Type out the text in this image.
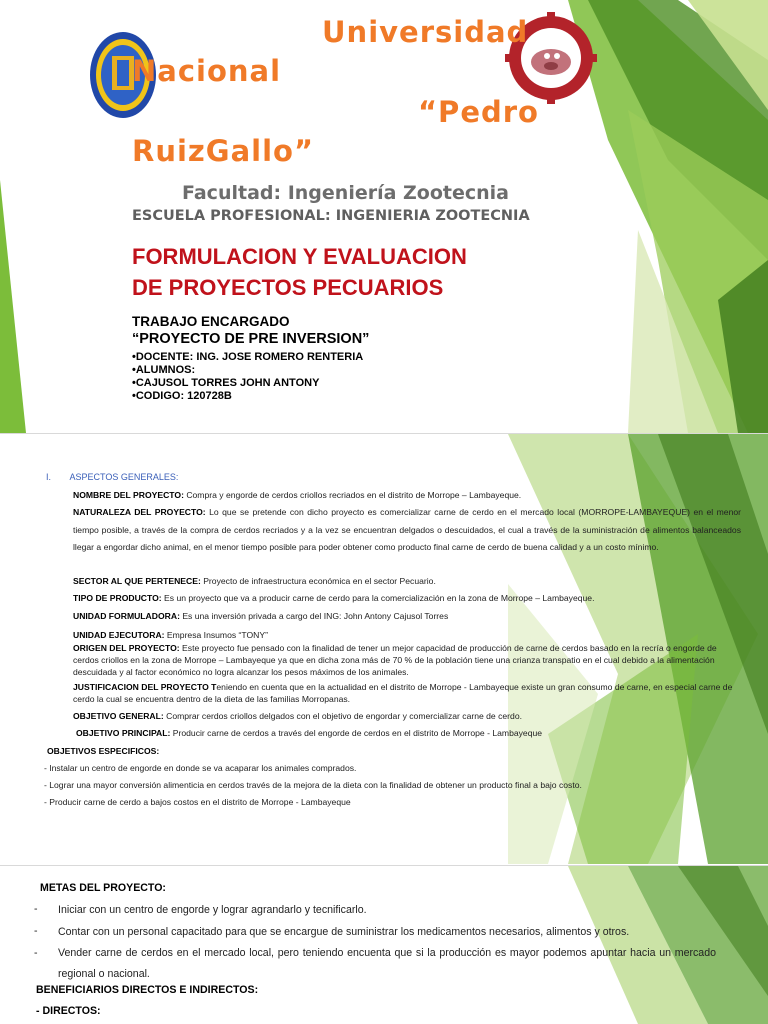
Universidad
Nacional
“Pedro
RuizGallo”
Facultad: Ingeniería Zootecnia
ESCUELA PROFESIONAL: INGENIERIA ZOOTECNIA
FORMULACION Y EVALUACION
DE PROYECTOS PECUARIOS
TRABAJO ENCARGADO
“PROYECTO DE PRE INVERSION”
•DOCENTE: ING. JOSE ROMERO RENTERIA
•ALUMNOS:
•CAJUSOL TORRES JOHN ANTONY
•CODIGO: 120728B
I. ASPECTOS GENERALES:
NOMBRE DEL PROYECTO: Compra y engorde de cerdos criollos recriados en el distrito de Morrope – Lambayeque.
NATURALEZA DEL PROYECTO: Lo que se pretende con dicho proyecto es comercializar carne de cerdo en el mercado local (MORROPE-LAMBAYEQUE) en el menor tiempo posible, a través de la compra de cerdos recriados y a la vez se encuentran delgados o descuidados, el cual a través de la suministración de alimentos balanceados llegar a engordar dicho animal, en el menor tiempo posible para poder obtener como producto final carne de cerdo de buena calidad y a un costo mínimo.
SECTOR AL QUE PERTENECE: Proyecto de infraestructura económica en el sector Pecuario.
TIPO DE PRODUCTO: Es un proyecto que va a producir carne de cerdo para la comercialización en la zona de Morrope – Lambayeque.
UNIDAD FORMULADORA: Es una inversión privada a cargo del ING: John Antony Cajusol Torres
UNIDAD EJECUTORA: Empresa Insumos “TONY”
ORIGEN DEL PROYECTO: Este proyecto fue pensado con la finalidad de tener un mejor capacidad de producción de carne de cerdos basado en la recría o engorde de cerdos criollos en la zona de Morrope – Lambayeque ya que en dicha zona más de 70 % de la población tiene una crianza transpatio en el cual debido a la alimentación descuidada y al factor económico no logra alcanzar los pesos máximos de los animales.
JUSTIFICACION DEL PROYECTO Teniendo en cuenta que en la actualidad en el distrito de Morrope - Lambayeque existe un gran consumo de carne, en especial carne de cerdo la cual se encuentra dentro de la dieta de las familias Morropanas.
OBJETIVO GENERAL: Comprar cerdos criollos delgados con el objetivo de engordar y comercializar carne de cerdo.
OBJETIVO PRINCIPAL: Producir carne de cerdos a través del engorde de cerdos en el distrito de Morrope - Lambayeque
OBJETIVOS ESPECIFICOS:
- Instalar un centro de engorde en donde se va acaparar los animales comprados.
- Lograr una mayor conversión alimenticia en cerdos través de la mejora de la dieta con la finalidad de obtener un producto final a bajo costo.
- Producir carne de cerdo a bajos costos en el distrito de Morrope - Lambayeque
METAS DEL PROYECTO:
- Iniciar con un centro de engorde y lograr agrandarlo y tecnificarlo.
- Contar con un personal capacitado para que se encargue de suministrar los medicamentos necesarios, alimentos y otros.
- Vender carne de cerdos en el mercado local, pero teniendo encuenta que si la producción es mayor podemos apuntar hacia un mercado regional o nacional.
BENEFICIARIOS DIRECTOS E INDIRECTOS:
- DIRECTOS:
